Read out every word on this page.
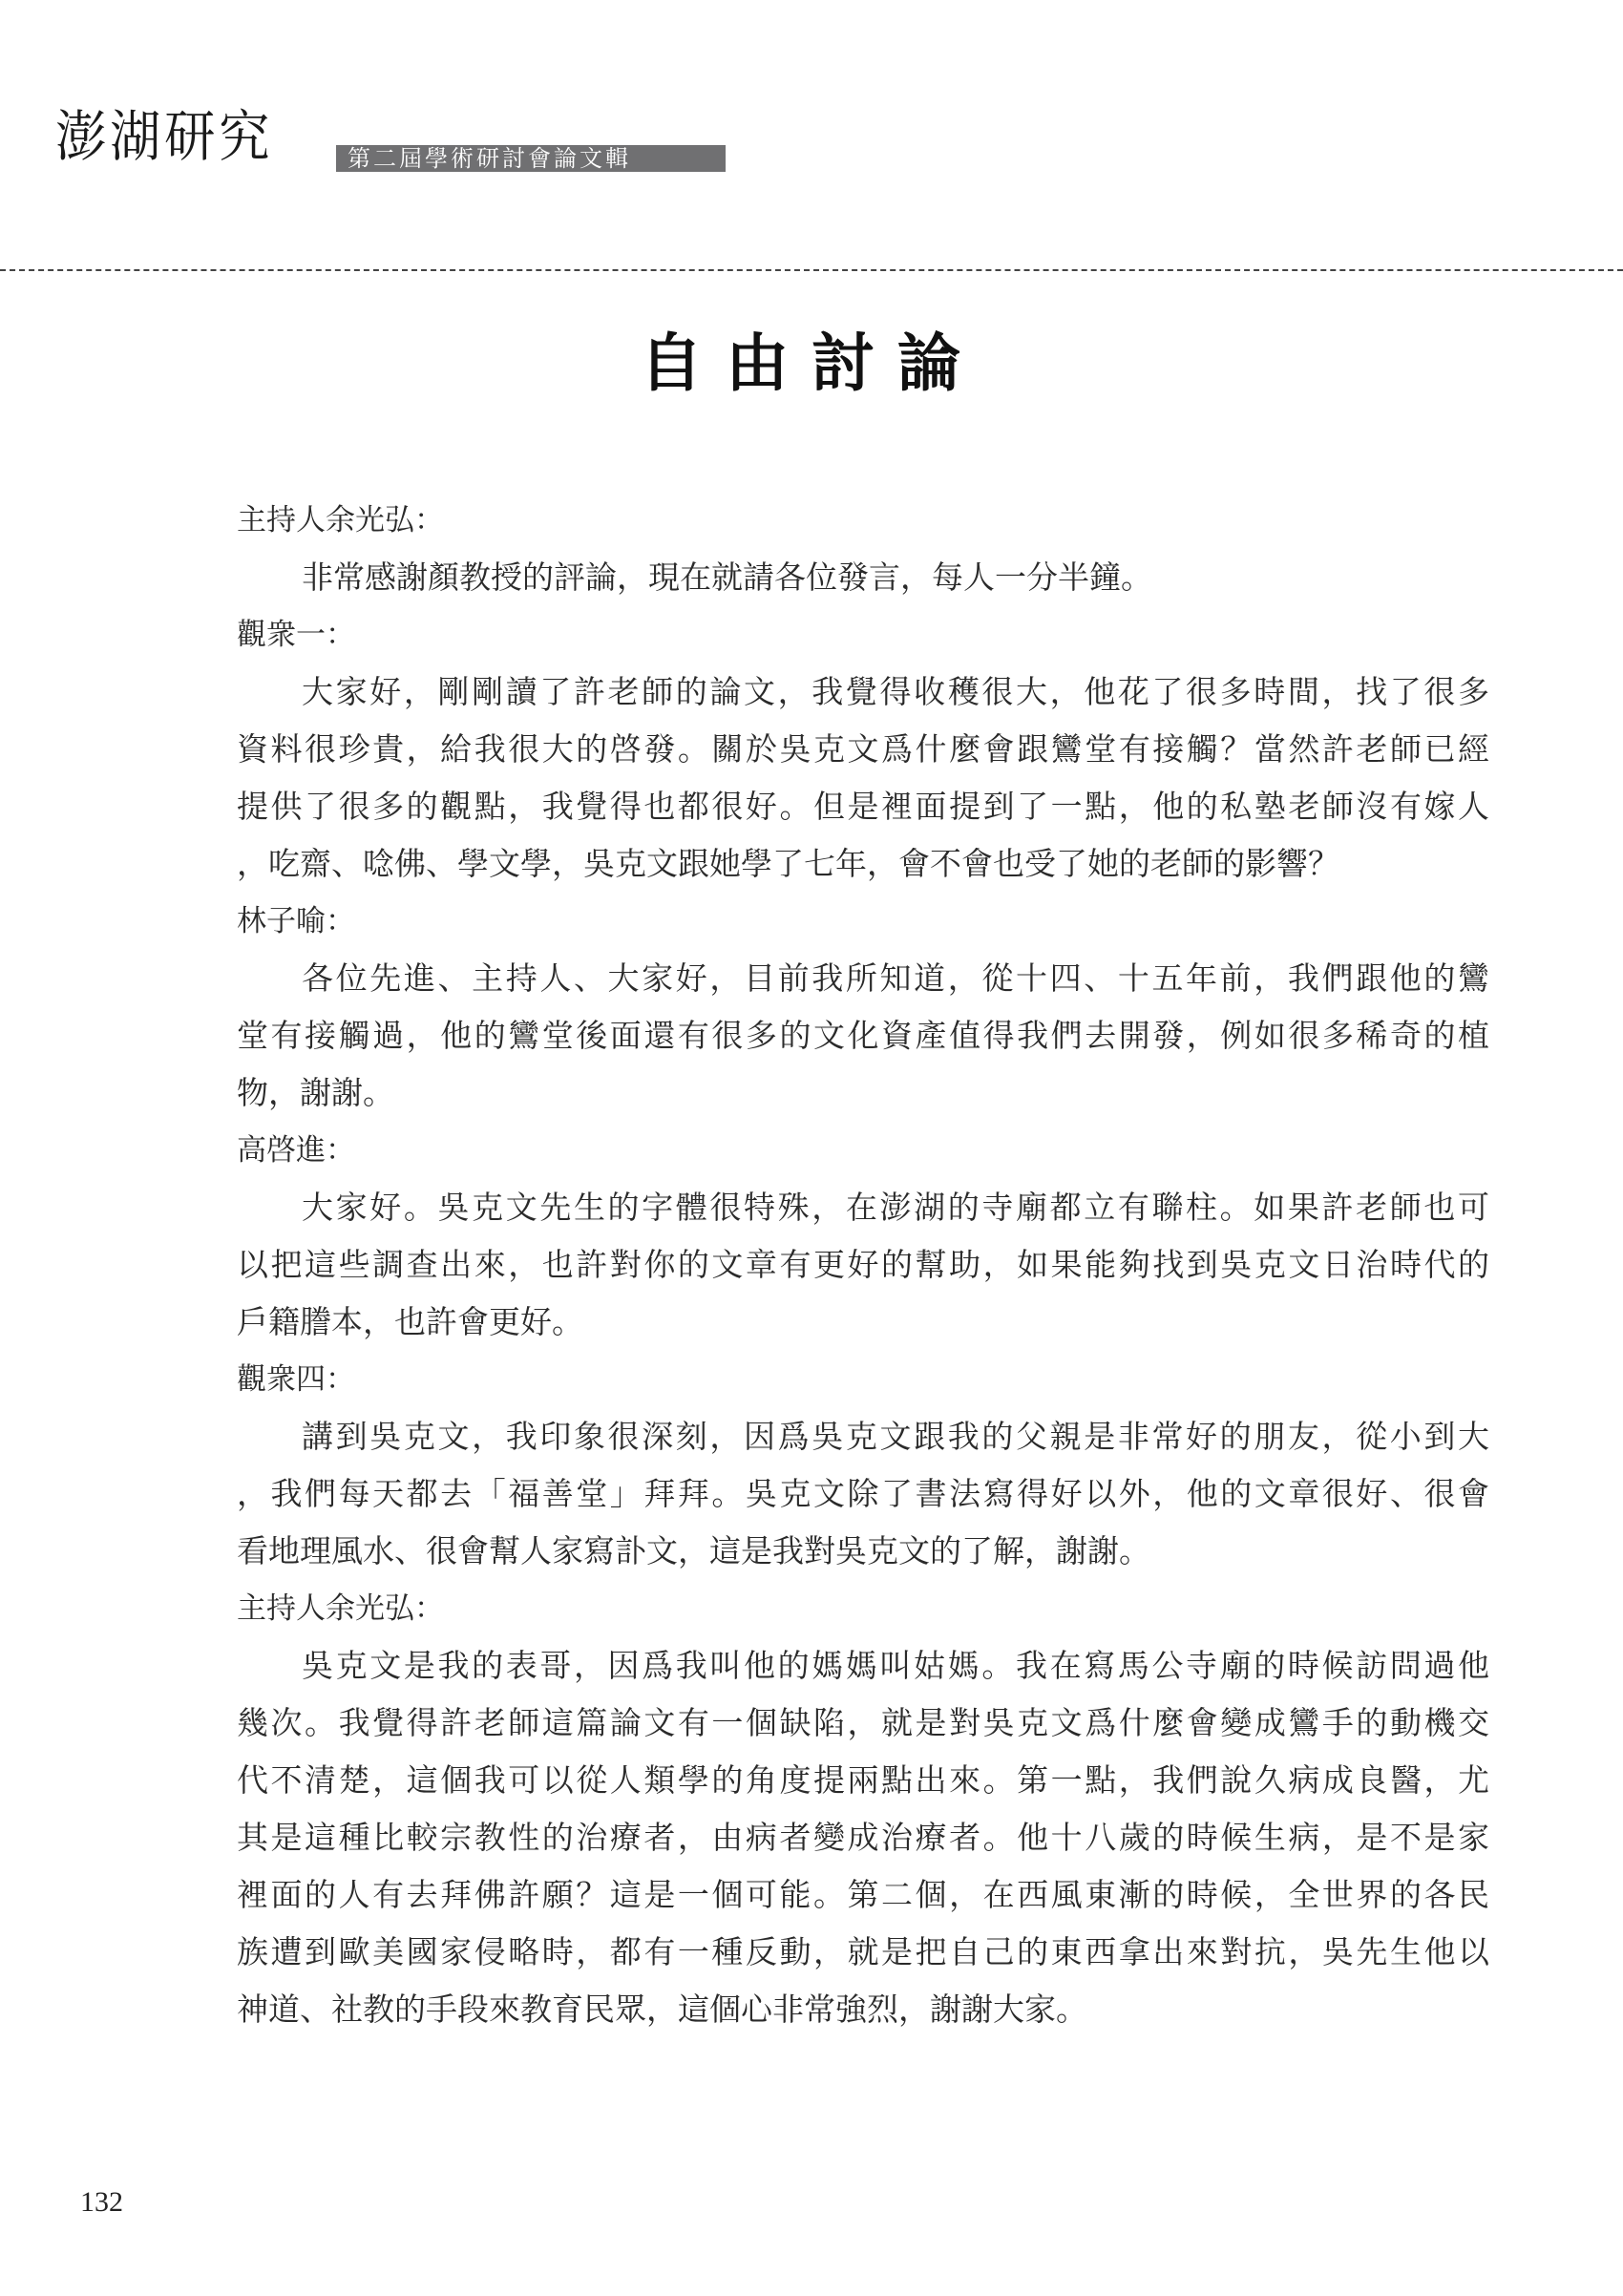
澎湖研究	第二屆學術研討會論文輯
自由討論
主持人余光弘：
非常感謝顏教授的評論，現在就請各位發言，每人一分半鐘。
觀衆一：
大家好，剛剛讀了許老師的論文，我覺得收穫很大，他花了很多時間，找了很多
資料很珍貴，給我很大的啓發。關於吳克文爲什麼會跟鸞堂有接觸？當然許老師已經
提供了很多的觀點，我覺得也都很好。但是裡面提到了一點，他的私塾老師沒有嫁人
，吃齋、唸佛、學文學，吳克文跟她學了七年，會不會也受了她的老師的影響？
林子喻：
各位先進、主持人、大家好，目前我所知道，從十四、十五年前，我們跟他的鸞
堂有接觸過，他的鸞堂後面還有很多的文化資產值得我們去開發，例如很多稀奇的植
物，謝謝。
高啓進：
大家好。吳克文先生的字體很特殊，在澎湖的寺廟都立有聯柱。如果許老師也可
以把這些調查出來，也許對你的文章有更好的幫助，如果能夠找到吳克文日治時代的
戶籍謄本，也許會更好。
觀衆四：
講到吳克文，我印象很深刻，因爲吳克文跟我的父親是非常好的朋友，從小到大
，我們每天都去「福善堂」拜拜。吳克文除了書法寫得好以外，他的文章很好、很會
看地理風水、很會幫人家寫訃文，這是我對吳克文的了解，謝謝。
主持人余光弘：
吳克文是我的表哥，因爲我叫他的媽媽叫姑媽。我在寫馬公寺廟的時候訪問過他
幾次。我覺得許老師這篇論文有一個缺陷，就是對吳克文爲什麼會變成鸞手的動機交
代不清楚，這個我可以從人類學的角度提兩點出來。第一點，我們說久病成良醫，尤
其是這種比較宗教性的治療者，由病者變成治療者。他十八歲的時候生病，是不是家
裡面的人有去拜佛許願？這是一個可能。第二個，在西風東漸的時候，全世界的各民
族遭到歐美國家侵略時，都有一種反動，就是把自己的東西拿出來對抗，吳先生他以
神道、社教的手段來教育民眾，這個心非常強烈，謝謝大家。
132
